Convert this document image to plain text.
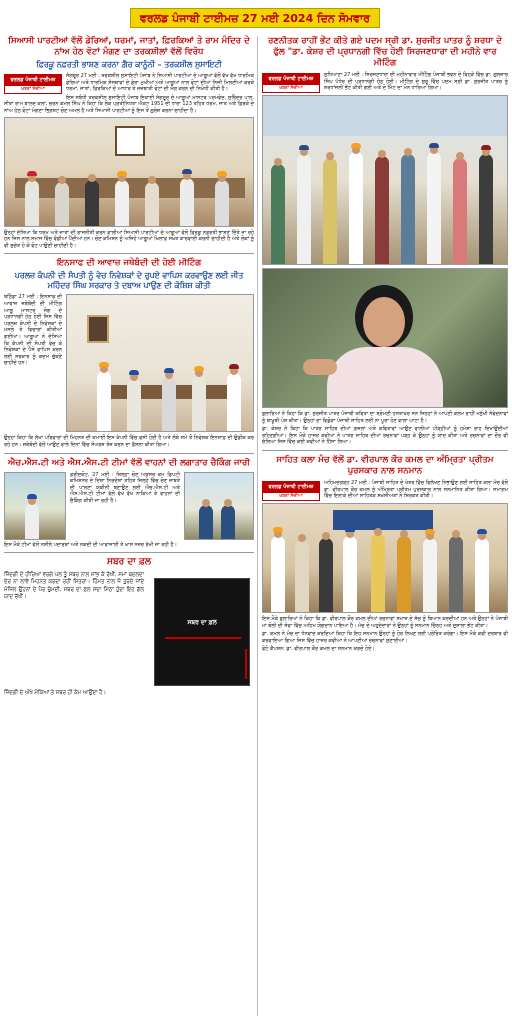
ਵਰਲਡ ਪੰਜਾਬੀ ਟਾਈਮਜ਼ 27 ਮਈ 2024 ਦਿਨ ਸੋਮਵਾਰ
ਸਿਆਸੀ ਪਾਰਟੀਆਂ ਵੱਲੋਂ ਡੇਰਿਆਂ, ਧਰਮਾਂ, ਜਾਤਾਂ, ਫ਼ਿਰਕਿਆਂ ਤੇ ਰਾਮ ਮੰਦਿਰ ਦੇ ਨਾਂਅ ਹੇਠ ਵੋਟਾਂ ਮੰਗਣ ਦਾ ਤਰਕਸ਼ੀਲਾਂ ਵੱਲੋਂ ਵਿਰੋਧ
ਫ਼ਿਰਕੂ ਨਫ਼ਰਤੀ ਭਾਸ਼ਣ ਕਰਨਾ ਗ਼ੈਰ ਕਾਨੂੰਨੀ – ਤਰਕਸ਼ੀਲ ਸੁਸਾਇਟੀ
ਵਰਲਡ ਪੰਜਾਬੀ ਟਾਈਮਜ਼
ਖ਼ਬਰਾਂ ਸੱਚੀਆਂ

ਸੰਗਰੂਰ 27 ਮਈ : ਤਰਕਸ਼ੀਲ ਸੁਸਾਇਟੀ ਪੰਜਾਬ ਨੇ ਸਿਆਸੀ ਪਾਰਟੀਆਂ ਦੇ ਆਗੂਆਂ ਵੱਲੋਂ ਵੱਖ ਵੱਖ ਧਾਰਮਿਕ ਡੇਰਿਆਂ ਅਤੇ ਧਾਰਮਿਕ ਸੰਸਥਾਵਾਂ ਦੇ ਡੇਰਾ ਮੁਖੀਆਂ ਅਤੇ ਆਗੂਆਂ ਨਾਲ ਵੋਟਾਂ ਦੀਆਂ ਨਿਜੀ ਮਿਲਣੀਆਂ ਕਰਕੇ ਧਰਮਾਂ, ਜਾਤਾਂ, ਫ਼ਿਰਕਿਆਂ ਦੇ ਆਧਾਰ ਤੇ ਜਜ਼ਬਾਤੀ ਵੋਟਾਂ ਦੀ ਮੰਗ ਕਰਨ ਦੀ ਨਿਖੇਧੀ ਕੀਤੀ ਹੈ।

ਇਸ ਸਬੰਧੀ ਤਰਕਸ਼ੀਲ ਸੁਸਾਇਟੀ ਪੰਜਾਬ ਇਕਾਈ ਸੰਗਰੂਰ ਦੇ ਆਗੂਆਂ ਮਾਸਟਰ ਪਰਮਵੇਦ, ਸੁਰਿੰਦਰ ਪਾਲ, ਸੀਤਾ ਰਾਮ ਬਾਲਦ ਕਲਾਂ, ਚਰਨ ਕਮਲ ਸਿੰਘ ਨੇ ਕਿਹਾ ਕਿ ਲੋਕ ਪ੍ਰਤੀਨਿਧਤਾ ਐਕਟ 1951 ਦੀ ਧਾਰਾ 123 ਤਹਿਤ ਧਰਮ, ਜਾਤ ਅਤੇ ਫ਼ਿਰਕੇ ਦੇ ਨਾਂਅ ਹੇਠ ਵੋਟਾਂ ਮੰਗਣਾ ਭ੍ਰਿਸ਼ਟ ਚੋਣ ਅਮਲ ਹੈ ਅਤੇ ਸਿਆਸੀ ਪਾਰਟੀਆਂ ਨੂੰ ਇਸ ਤੋਂ ਗੁਰੇਜ਼ ਕਰਨਾ ਚਾਹੀਦਾ ਹੈ।

ਉਨ੍ਹਾਂ ਦੱਸਿਆ ਕਿ ਧਰਮ ਅਤੇ ਜਾਤਾਂ ਦੀ ਰਾਜਨੀਤੀ ਕਰਨ ਵਾਲੀਆਂ ਸਿਆਸੀ ਪਾਰਟੀਆਂ ਦੇ ਆਗੂਆਂ ਵੱਲੋਂ ਫ਼ਿਰਕੂ ਨਫ਼ਰਤੀ ਭਾਸ਼ਣ ਦਿੱਤੇ ਜਾ ਰਹੇ ਹਨ ਜਿਸ ਨਾਲ ਸਮਾਜ ਵਿੱਚ ਵੰਡੀਆਂ ਪੈਂਦੀਆਂ ਹਨ। ਚੋਣ ਕਮਿਸ਼ਨ ਨੂੰ ਅਜਿਹੇ ਆਗੂਆਂ ਖ਼ਿਲਾਫ਼ ਸਖ਼ਤ ਕਾਰਵਾਈ ਕਰਨੀ ਚਾਹੀਦੀ ਹੈ ਅਤੇ ਲੋਕਾਂ ਨੂੰ ਵੀ ਸੁਚੇਤ ਹੋ ਕੇ ਵੋਟ ਪਾਉਣੀ ਚਾਹੀਦੀ ਹੈ।

ਇਨਸਾਫ ਦੀ ਆਵਾਜ਼ ਜਥੇਬੰਦੀ ਦੀ ਹੋਈ ਮੀਟਿੰਗ
ਪਰਲਜ਼ ਕੰਪਨੀ ਦੀ ਸੰਪਤੀ ਨੂੰ ਵੇਚ ਨਿਵੇਸ਼ਕਾਂ ਦੇ ਰੁਪਏ ਵਾਪਿਸ ਕਰਵਾਉਣ ਲਈ ਜੀਤ ਮਹਿੰਦਰ ਸਿੰਘ ਸਰਕਾਰ ਤੇ ਦਬਾਅ ਪਾਉਣ ਦੀ ਕੋਸ਼ਿਸ਼ ਕੀਤੀ
ਬਠਿੰਡਾ 27 ਮਈ : ਇਨਸਾਫ ਦੀ ਆਵਾਜ਼ ਜਥੇਬੰਦੀ ਦੀ ਮੀਟਿੰਗ ਆਗੂ ਮਾਸਟਰ ਜੋਗ ਦੇ ਪ੍ਰਧਾਨਗੀ ਹੇਠ ਹੋਈ ਜਿਸ ਵਿੱਚ ਪਰਲਜ਼ ਕੰਪਨੀ ਦੇ ਨਿਵੇਸ਼ਕਾਂ ਦੇ ਮਸਲੇ ਤੇ ਵਿਚਾਰਾਂ ਕੀਤੀਆਂ ਗਈਆਂ। ਆਗੂਆਂ ਨੇ ਦੱਸਿਆ ਕਿ ਕੰਪਨੀ ਦੀ ਸੰਪਤੀ ਵੇਚ ਕੇ ਨਿਵੇਸ਼ਕਾਂ ਦੇ ਪੈਸੇ ਵਾਪਿਸ ਕਰਨ ਲਈ ਸਰਕਾਰ ਨੂੰ ਕਦਮ ਚੁੱਕਣੇ ਚਾਹੀਦੇ ਹਨ।

ਉਨ੍ਹਾਂ ਕਿਹਾ ਕਿ ਲੱਖਾਂ ਪਰਿਵਾਰਾਂ ਦੀ ਮਿਹਨਤ ਦੀ ਕਮਾਈ ਇਸ ਕੰਪਨੀ ਵਿੱਚ ਫਸੀ ਹੋਈ ਹੈ ਅਤੇ ਲੰਬੇ ਸਮੇਂ ਤੋਂ ਨਿਵੇਸ਼ਕ ਇਨਸਾਫ਼ ਦੀ ਉਡੀਕ ਕਰ ਰਹੇ ਹਨ। ਜਥੇਬੰਦੀ ਵੱਲੋਂ ਆਉਣ ਵਾਲੇ ਦਿਨਾਂ ਵਿੱਚ ਸੰਘਰਸ਼ ਤੇਜ਼ ਕਰਨ ਦਾ ਫ਼ੈਸਲਾ ਕੀਤਾ ਗਿਆ।

ਐਚ.ਐਸ.ਟੀ ਅਤੇ ਐਸ.ਐਸ.ਟੀ ਟੀਮਾਂ ਵੱਲੋਂ ਵਾਹਨਾਂ ਦੀ ਲਗਾਤਾਰ ਚੈਕਿੰਗ ਜਾਰੀ
ਫ਼ਰੀਦਕੋਟ, 27 ਮਈ : ਜ਼ਿਲ੍ਹਾ ਚੋਣ ਅਫ਼ਸਰ ਕਮ ਡਿਪਟੀ ਕਮਿਸ਼ਨਰ ਦੇ ਦਿਸ਼ਾ ਨਿਰਦੇਸ਼ਾਂ ਤਹਿਤ ਜ਼ਿਲ੍ਹੇ ਵਿੱਚ ਚੋਣ ਜ਼ਾਬਤੇ ਦੀ ਪਾਲਣਾ ਯਕੀਨੀ ਬਣਾਉਣ ਲਈ ਐਚ.ਐਸ.ਟੀ ਅਤੇ ਐਸ.ਐਸ.ਟੀ ਟੀਮਾਂ ਵੱਲੋਂ ਵੱਖ ਵੱਖ ਨਾਕਿਆਂ ਤੇ ਵਾਹਨਾਂ ਦੀ ਚੈਕਿੰਗ ਕੀਤੀ ਜਾ ਰਹੀ ਹੈ।

ਇਸ ਮੌਕੇ ਟੀਮਾਂ ਵੱਲੋਂ ਨਸ਼ੀਲੇ ਪਦਾਰਥਾਂ ਅਤੇ ਨਕਦੀ ਦੀ ਆਵਾਜਾਈ ਤੇ ਖ਼ਾਸ ਨਜ਼ਰ ਰੱਖੀ ਜਾ ਰਹੀ ਹੈ।

ਸਬਰ ਦਾ ਫ਼ਲ
ਜ਼ਿੰਦਗੀ ਦੇ ਹੀਰਿਆਂ ਵਰਗੇ ਪਲ ਤੂੰ ਸਬਰ ਨਾਲ ਸਾਂਭ ਕੇ ਰੱਖੀਂ, ਸਮਾਂ ਬਦਲਦਾ ਦੇਰ ਨਾ ਲਾਵੇ ਮਿਹਨਤ ਕਰਦਾ ਰਹੀਂ ਮਿੱਤਰਾ। ਹਿੰਮਤ ਨਾਲ ਜੋ ਤੁਰਦੇ ਜਾਂਦੇ ਮੰਜ਼ਿਲ ਉਹਨਾਂ ਦੇ ਪੈਰ ਚੁੰਮਦੀ, ਸਬਰ ਦਾ ਫ਼ਲ ਸਦਾ ਮਿੱਠਾ ਹੁੰਦਾ ਇਹ ਗੱਲ ਯਾਦ ਰੱਖੀਂ।
ਸਬਰ ਦਾ ਫ਼ਲ
ਜ਼ਿੰਦਗੀ ਦੇ ਔਖੇ ਮੌਕਿਆਂ ਤੇ ਸਬਰ ਹੀ ਕੰਮ ਆਉਂਦਾ ਹੈ।
ਰਣਨੀਤਕ ਰਾਹੀਂ ਭੇਂਟ ਕੀਤੇ ਗਏ ਪਦਮ ਸ੍ਰੀ ਡਾ. ਸੁਰਜੀਤ ਪਾਤਰ ਨੂੰ ਸ਼ਰਧਾ ਦੇ ਫੁੱਲ "ਡਾ. ਕੇਸ਼ਰ ਦੀ ਪ੍ਰਧਾਨਗੀ ਵਿੱਚ ਹੋਈ ਸਿਰਜਣਧਾਰਾ ਦੀ ਮਹੀਨੇ ਵਾਰ ਮੀਟਿੰਗ
ਵਰਲਡ ਪੰਜਾਬੀ ਟਾਈਮਜ਼
ਖ਼ਬਰਾਂ ਸੱਚੀਆਂ

ਲੁਧਿਆਣਾ 27 ਮਈ : ਸਿਰਜਣਧਾਰਾ ਦੀ ਮਹੀਨਾਵਾਰ ਮੀਟਿੰਗ ਪੰਜਾਬੀ ਭਵਨ ਦੇ ਵਿਹੜੇ ਵਿੱਚ ਡਾ. ਗੁਲਜ਼ਾਰ ਸਿੰਘ ਪੰਧੇਰ ਦੀ ਪ੍ਰਧਾਨਗੀ ਹੇਠ ਹੋਈ। ਮੀਟਿੰਗ ਦੇ ਸ਼ੁਰੂ ਵਿੱਚ ਪਦਮ ਸ੍ਰੀ ਡਾ. ਸੁਰਜੀਤ ਪਾਤਰ ਨੂੰ ਸ਼ਰਧਾਂਜਲੀ ਭੇਂਟ ਕੀਤੀ ਗਈ ਅਤੇ ਦੋ ਮਿੰਟ ਦਾ ਮੋਨ ਧਾਰਿਆ ਗਿਆ।

ਬੁਲਾਰਿਆਂ ਨੇ ਕਿਹਾ ਕਿ ਡਾ. ਸੁਰਜੀਤ ਪਾਤਰ ਪੰਜਾਬੀ ਕਵਿਤਾ ਦਾ ਸ਼੍ਰੋਮਣੀ ਹਸਤਾਖ਼ਰ ਸਨ ਜਿਨ੍ਹਾਂ ਨੇ ਆਪਣੀ ਕਲਮ ਰਾਹੀਂ ਮਨੁੱਖੀ ਸੰਵੇਦਨਾਵਾਂ ਨੂੰ ਬਾਖ਼ੂਬੀ ਪੇਸ਼ ਕੀਤਾ। ਉਨ੍ਹਾਂ ਦਾ ਵਿਛੋੜਾ ਪੰਜਾਬੀ ਸਾਹਿਤ ਲਈ ਨਾ ਪੂਰਾ ਹੋਣ ਵਾਲਾ ਘਾਟਾ ਹੈ।

ਡਾ. ਕੇਸ਼ਰ ਨੇ ਕਿਹਾ ਕਿ ਪਾਤਰ ਸਾਹਿਬ ਦੀਆਂ ਗ਼ਜ਼ਲਾਂ ਅਤੇ ਕਵਿਤਾਵਾਂ ਆਉਣ ਵਾਲੀਆਂ ਪੀੜ੍ਹੀਆਂ ਨੂੰ ਹਮੇਸ਼ਾ ਰਾਹ ਦਿਖਾਉਂਦੀਆਂ ਰਹਿਣਗੀਆਂ। ਇਸ ਮੌਕੇ ਹਾਜ਼ਰ ਕਵੀਆਂ ਨੇ ਪਾਤਰ ਸਾਹਿਬ ਦੀਆਂ ਰਚਨਾਵਾਂ ਪੜ੍ਹ ਕੇ ਉਨ੍ਹਾਂ ਨੂੰ ਯਾਦ ਕੀਤਾ ਅਤੇ ਰਚਨਾਵਾਂ ਦਾ ਦੌਰ ਵੀ ਚੱਲਿਆ ਜਿਸ ਵਿੱਚ ਕਈ ਕਵੀਆਂ ਨੇ ਹਿੱਸਾ ਲਿਆ।

ਸਾਹਿਤ ਕਲਾ ਮੰਚ ਵੱਲੋਂ ਡਾ. ਵੀਰਪਾਲ ਕੌਰ ਕਮਲ ਦਾ ਅੰਮ੍ਰਿਤਾ ਪ੍ਰੀਤਮ ਪੁਰਸਕਾਰ ਨਾਲ ਸਨਮਾਨ
ਵਰਲਡ ਪੰਜਾਬੀ ਟਾਈਮਜ਼
ਖ਼ਬਰਾਂ ਸੱਚੀਆਂ

ਅਹਿਮਦਗੜ੍ਹ 27 ਮਈ : ਪੰਜਾਬੀ ਸਾਹਿਤ ਦੇ ਖੇਤਰ ਵਿੱਚ ਵਿਲੱਖਣ ਨਿਭਾਉਣ ਲਈ ਸਾਹਿਤ ਕਲਾ ਮੰਚ ਵੱਲੋਂ ਡਾ. ਵੀਰਪਾਲ ਕੌਰ ਕਮਲ ਨੂੰ ਅੰਮ੍ਰਿਤਾ ਪ੍ਰੀਤਮ ਪੁਰਸਕਾਰ ਨਾਲ ਸਨਮਾਨਿਤ ਕੀਤਾ ਗਿਆ। ਸਮਾਗਮ ਵਿੱਚ ਇਲਾਕੇ ਦੀਆਂ ਸਾਹਿਤਕ ਸ਼ਖ਼ਸੀਅਤਾਂ ਨੇ ਸ਼ਿਰਕਤ ਕੀਤੀ।

ਇਸ ਮੌਕੇ ਬੁਲਾਰਿਆਂ ਨੇ ਕਿਹਾ ਕਿ ਡਾ. ਵੀਰਪਾਲ ਕੌਰ ਕਮਲ ਦੀਆਂ ਰਚਨਾਵਾਂ ਸਮਾਜ ਦੇ ਸੱਚ ਨੂੰ ਬਿਆਨ ਕਰਦੀਆਂ ਹਨ ਅਤੇ ਉਨ੍ਹਾਂ ਨੇ ਪੰਜਾਬੀ ਮਾਂ ਬੋਲੀ ਦੀ ਸੇਵਾ ਵਿੱਚ ਅਹਿਮ ਯੋਗਦਾਨ ਪਾਇਆ ਹੈ। ਮੰਚ ਦੇ ਅਹੁਦੇਦਾਰਾਂ ਨੇ ਉਨ੍ਹਾਂ ਨੂੰ ਸਨਮਾਨ ਚਿੰਨ੍ਹ ਅਤੇ ਦੁਸ਼ਾਲਾ ਭੇਂਟ ਕੀਤਾ।

ਡਾ. ਕਮਲ ਨੇ ਮੰਚ ਦਾ ਧੰਨਵਾਦ ਕਰਦਿਆਂ ਕਿਹਾ ਕਿ ਇਹ ਸਨਮਾਨ ਉਨ੍ਹਾਂ ਨੂੰ ਹੋਰ ਲਿਖਣ ਲਈ ਪ੍ਰੇਰਿਤ ਕਰੇਗਾ। ਇਸ ਮੌਕੇ ਕਵੀ ਦਰਬਾਰ ਵੀ ਕਰਵਾਇਆ ਗਿਆ ਜਿਸ ਵਿੱਚ ਹਾਜ਼ਰ ਕਵੀਆਂ ਨੇ ਆਪਣੀਆਂ ਰਚਨਾਵਾਂ ਸੁਣਾਈਆਂ।

ਫੋਟੋ ਕੈਪਸ਼ਨ: ਡਾ. ਵੀਰਪਾਲ ਕੌਰ ਕਮਲ ਦਾ ਸਨਮਾਨ ਕਰਦੇ ਹੋਏ।
